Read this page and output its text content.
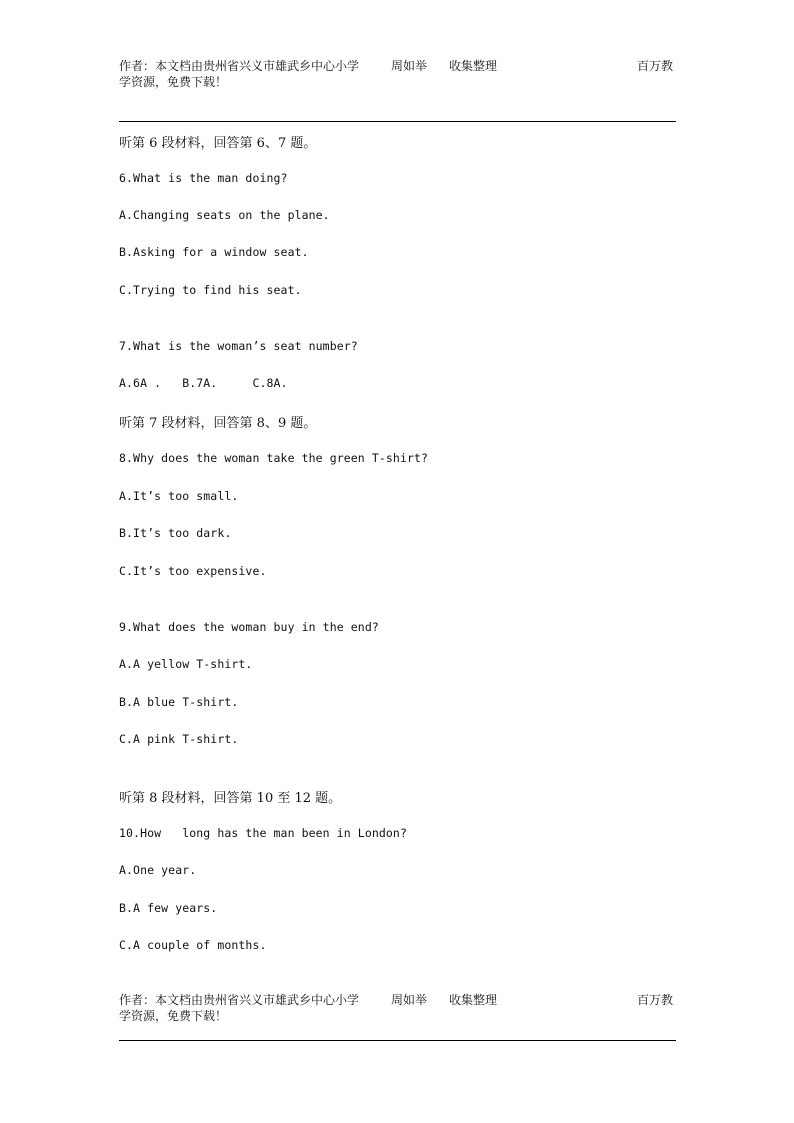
作者：本文档由贵州省兴义市雄武乡中心小学	周如举 收集整理	百万教
学资源，免费下载！
听第 6 段材料，回答第 6、7 题。
6.What is the man doing?
A.Changing seats on the plane.
B.Asking for a window seat.
C.Trying to find his seat.
7.What is the woman’s seat number?
A.6A .   B.7A.     C.8A.
听第 7 段材料，回答第 8、9 题。
8.Why does the woman take the green T-shirt?
A.It’s too small.
B.It’s too dark.
C.It’s too expensive.
9.What does the woman buy in the end?
A.A yellow T-shirt.
B.A blue T-shirt.
C.A pink T-shirt.
听第 8 段材料，回答第 10 至 12 题。
10.How   long has the man been in London?
A.One year.
B.A few years.
C.A couple of months.
作者：本文档由贵州省兴义市雄武乡中心小学	周如举 收集整理	百万教
学资源，免费下载！
